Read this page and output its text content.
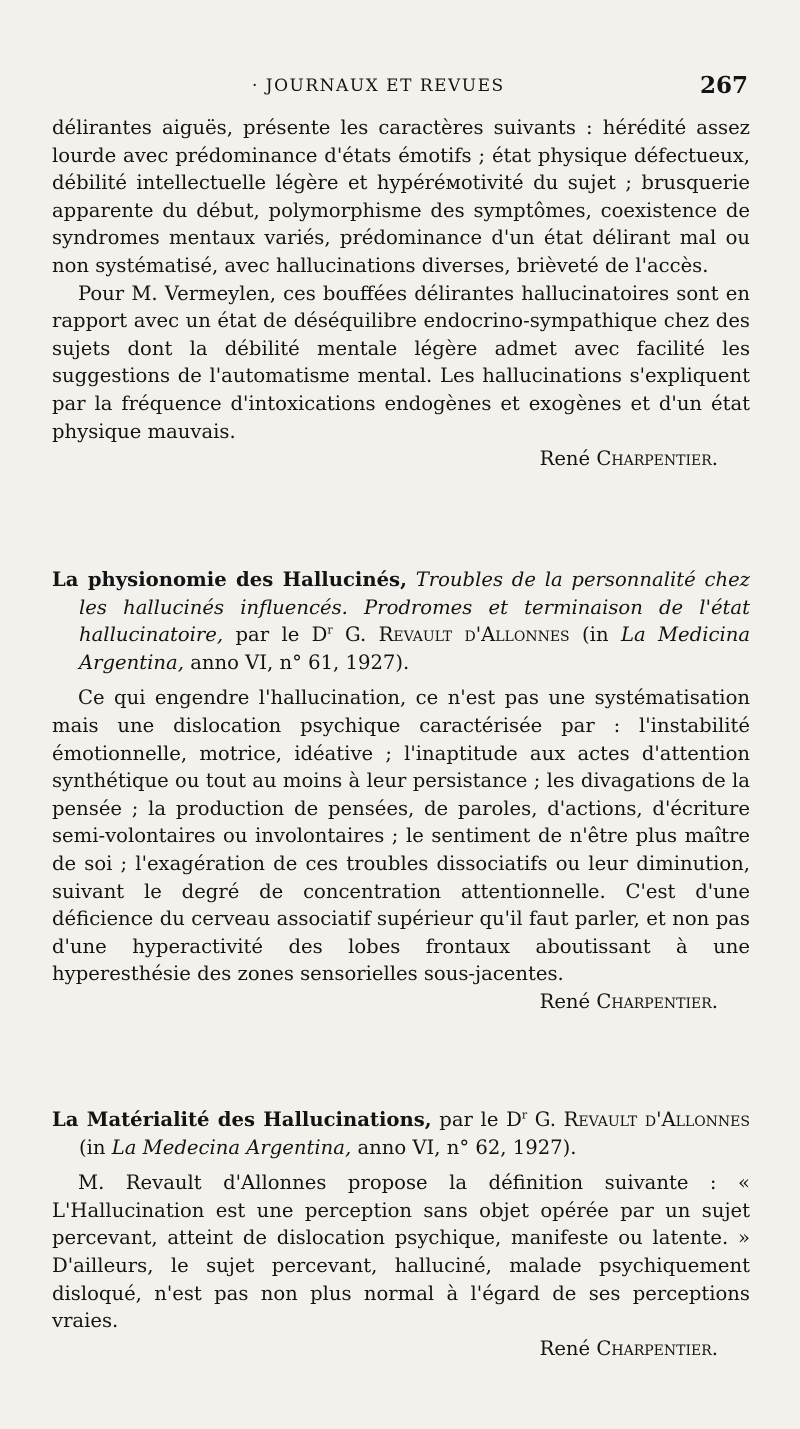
· JOURNAUX ET REVUES	267
délirantes aiguës, présente les caractères suivants : hérédité assez lourde avec prédominance d'états émotifs ; état physique défectueux, débilité intellectuelle légère et hypéréмotivité du sujet ; brusquerie apparente du début, polymorphisme des symptômes, coexistence de syndromes mentaux variés, prédominance d'un état délirant mal ou non systématisé, avec hallucinations diverses, brièveté de l'accès.
Pour M. Vermeylen, ces bouffées délirantes hallucinatoires sont en rapport avec un état de déséquilibre endocrino-sympathique chez des sujets dont la débilité mentale légère admet avec facilité les suggestions de l'automatisme mental. Les hallucinations s'expliquent par la fréquence d'intoxications endogènes et exogènes et d'un état physique mauvais.
René Charpentier.
La physionomie des Hallucinés, Troubles de la personnalité chez les hallucinés influencés. Prodromes et terminaison de l'état hallucinatoire, par le $D^r$ G. Revault d'Allonnes (in La Medicina Argentina, anno VI, n° 61, 1927).
Ce qui engendre l'hallucination, ce n'est pas une systématisation mais une dislocation psychique caractérisée par : l'instabilité émotionnelle, motrice, idéative ; l'inaptitude aux actes d'attention synthétique ou tout au moins à leur persistance ; les divagations de la pensée ; la production de pensées, de paroles, d'actions, d'écriture semi-volontaires ou involontaires ; le sentiment de n'être plus maître de soi ; l'exagération de ces troubles dissociatifs ou leur diminution, suivant le degré de concentration attentionnelle. C'est d'une déficience du cerveau associatif supérieur qu'il faut parler, et non pas d'une hyperactivité des lobes frontaux aboutissant à une hyperesthésie des zones sensorielles sous-jacentes.
René Charpentier.
La Matérialité des Hallucinations, par le $D^r$ G. Revault d'Allonnes (in La Medecina Argentina, anno VI, n° 62, 1927).
M. Revault d'Allonnes propose la définition suivante : « L'Hallucination est une perception sans objet opérée par un sujet percevant, atteint de dislocation psychique, manifeste ou latente. » D'ailleurs, le sujet percevant, halluciné, malade psychiquement disloqué, n'est pas non plus normal à l'égard de ses perceptions vraies.
René Charpentier.
